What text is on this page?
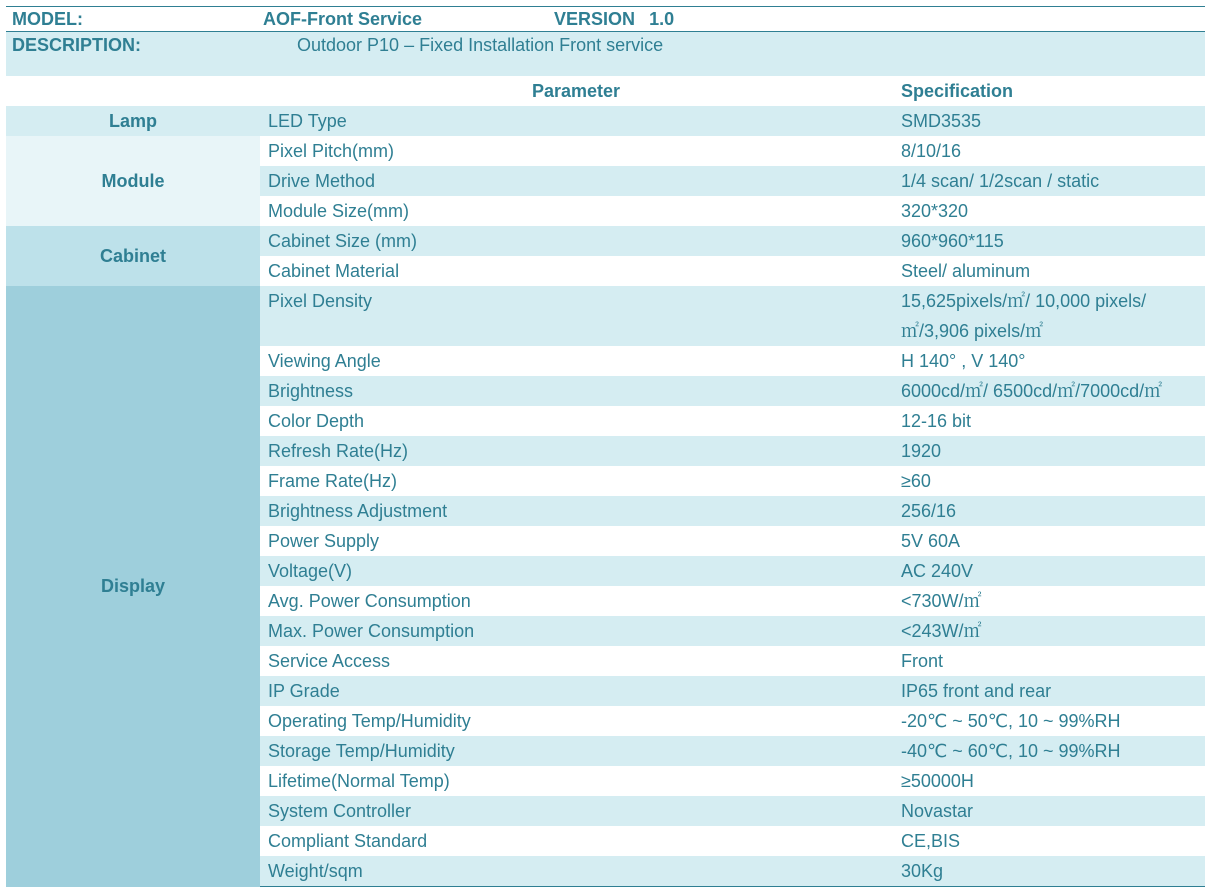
MODEL:	AOF-Front Service VERSION 1.0	
DESCRIPTION:	Outdoor P10 – Fixed Installation Front service	
	Parameter	Specification
Lamp	LED Type	SMD3535
Module	Pixel Pitch(mm)	8/10/16
	Drive Method	1/4 scan/ 1/2scan / static
	Module Size(mm)	320*320
Cabinet	Cabinet Size (mm)	960*960*115
	Cabinet Material	Steel/ aluminum
Display	Pixel Density	15,625pixels/㎡/ 10,000 pixels/
㎡/3,906 pixels/㎡
	Viewing Angle	H 140° , V 140°
	Brightness	6000cd/㎡/ 6500cd/㎡/7000cd/㎡
	Color Depth	12-16 bit
	Refresh Rate(Hz)	1920
	Frame Rate(Hz)	≥60
	Brightness Adjustment	256/16
	Power Supply	5V 60A
	Voltage(V)	AC 240V
	Avg. Power Consumption	<730W/㎡
	Max. Power Consumption	<243W/㎡
	Service Access	Front
	IP Grade	IP65 front and rear
	Operating Temp/Humidity	-20℃ ~ 50℃, 10 ~ 99%RH
	Storage Temp/Humidity	-40℃ ~ 60℃, 10 ~ 99%RH
	Lifetime(Normal Temp)	≥50000H
	System Controller	Novastar
	Compliant Standard	CE,BIS
	Weight/sqm	30Kg
